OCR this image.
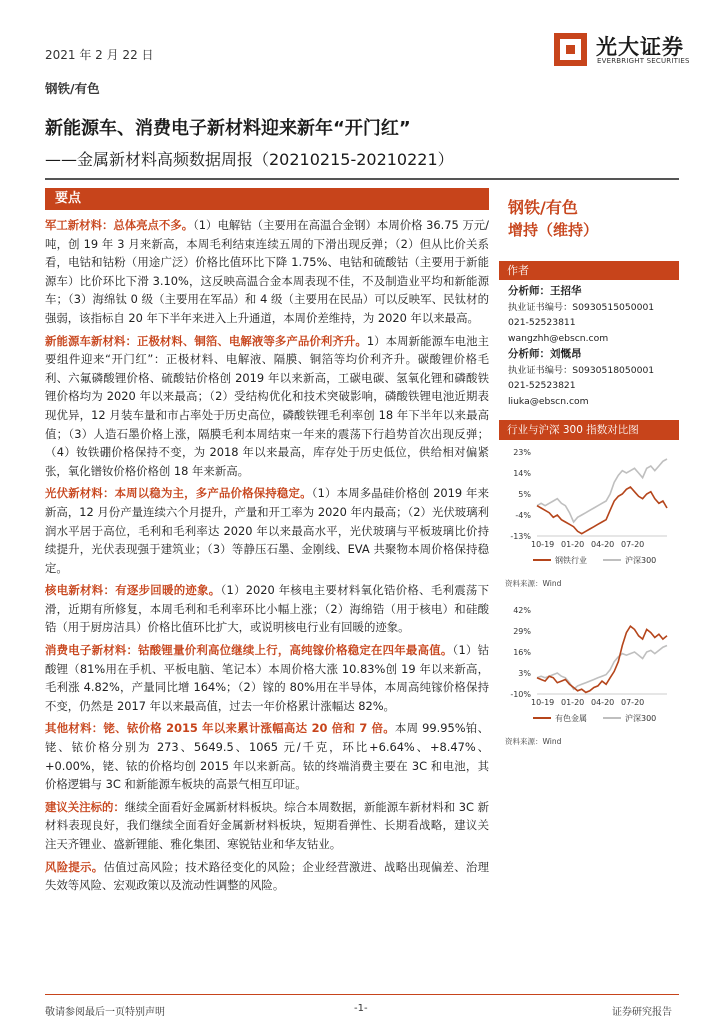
2021 年 2 月 22 日	光大证券
EVERBRIGHT SECURITIES
钢铁/有色
新能源车、消费电子新材料迎来新年“开门红”
——金属新材料高频数据周报（20210215-20210221）
要点

军工新材料：总体亮点不多。（1）电解钴（主要用在高温合金钢）本周价格 36.75 万元/吨，创 19 年 3 月来新高，本周毛利结束连续五周的下滑出现反弹；（2）但从比价关系看，电钴和钴粉（用途广泛）价格比值环比下降 1.75%、电钴和硫酸钴（主要用于新能源车）比价环比下滑 3.10%，这反映高温合金本周表现不佳，不及制造业平均和新能源车；（3）海绵钛 0 级（主要用在军品）和 4 级（主要用在民品）可以反映军、民钛材的强弱，该指标自 20 年下半年来进入上升通道，本周价差维持，为 2020 年以来最高。

新能源车新材料：正极材料、铜箔、电解液等多产品价利齐升。1）本周新能源车电池主要组件迎来“开门红”：正极材料、电解液、隔膜、铜箔等均价利齐升。碳酸锂价格毛利、六氟磷酸锂价格、硫酸钴价格创 2019 年以来新高，工碳电碳、氢氧化锂和磷酸铁锂价格均为 2020 年以来最高；（2）受结构优化和技术突破影响，磷酸铁锂电池近期表现优异，12 月装车量和市占率处于历史高位，磷酸铁锂毛利率创 18 年下半年以来最高值；（3）人造石墨价格上涨，隔膜毛利本周结束一年来的震荡下行趋势首次出现反弹；（4）钕铁硼价格保持不变，为 2018 年以来最高，库存处于历史低位，供给相对偏紧张，氧化镨钕价格价格创 18 年来新高。

光伏新材料：本周以稳为主，多产品价格保持稳定。（1）本周多晶硅价格创 2019 年来新高，12 月份产量连续六个月提升，产量和开工率为 2020 年内最高；（2）光伏玻璃利润水平居于高位，毛利和毛利率达 2020 年以来最高水平，光伏玻璃与平板玻璃比价持续提升，光伏表现强于建筑业；（3）等静压石墨、金刚线、EVA 共聚物本周价格保持稳定。

核电新材料：有逐步回暖的迹象。（1）2020 年核电主要材料氧化锆价格、毛利震荡下滑，近期有所修复，本周毛利和毛利率环比小幅上涨；（2）海绵锆（用于核电）和硅酸锆（用于厨房洁具）价格比值环比扩大，或说明核电行业有回暖的迹象。

消费电子新材料：钴酸锂量价利高位继续上行，高纯镓价格稳定在四年最高值。（1）钴酸锂（81%用在手机、平板电脑、笔记本）本周价格大涨 10.83%创 19 年以来新高，毛利涨 4.82%，产量同比增 164%；（2）镓的 80%用在半导体，本周高纯镓价格保持不变，仍然是 2017 年以来最高值，过去一年价格累计涨幅达 82%。

其他材料：铑、铱价格 2015 年以来累计涨幅高达 20 倍和 7 倍。本周 99.95%铂、铑、铱价格分别为 273、5649.5、1065 元/千克，环比+6.64%、+8.47%、+0.00%，铑、铱的价格均创 2015 年以来新高。铱的终端消费主要在 3C 和电池，其价格逻辑与 3C 和新能源车板块的高景气相互印证。

建议关注标的：继续全面看好金属新材料板块。综合本周数据，新能源车新材料和 3C 新材料表现良好，我们继续全面看好金属新材料板块，短期看弹性、长期看战略，建议关注天齐锂业、盛新锂能、雅化集团、寒锐钴业和华友钴业。

风险提示。估值过高风险；技术路径变化的风险；企业经营激进、战略出现偏差、治理失效等风险、宏观政策以及流动性调整的风险。

钢铁/有色
增持（维持）
作者
分析师：王招华
执业证书编号：S0930515050001
021-52523811
wangzhh@ebscn.com
分析师：刘慨昂
执业证书编号：S0930518050001
021-52523821
liuka@ebscn.com
行业与沪深 300 指数对比图
23%
14%
5%
-4%
-13%
10-19 01-20 04-20 07-20
钢铁行业	沪深300
资料来源：Wind
42%
29%
16%
3%
-10%
10-19 01-20 04-20 07-20
有色金属	沪深300
资料来源：Wind
敬请参阅最后一页特别声明	-1-	证券研究报告
